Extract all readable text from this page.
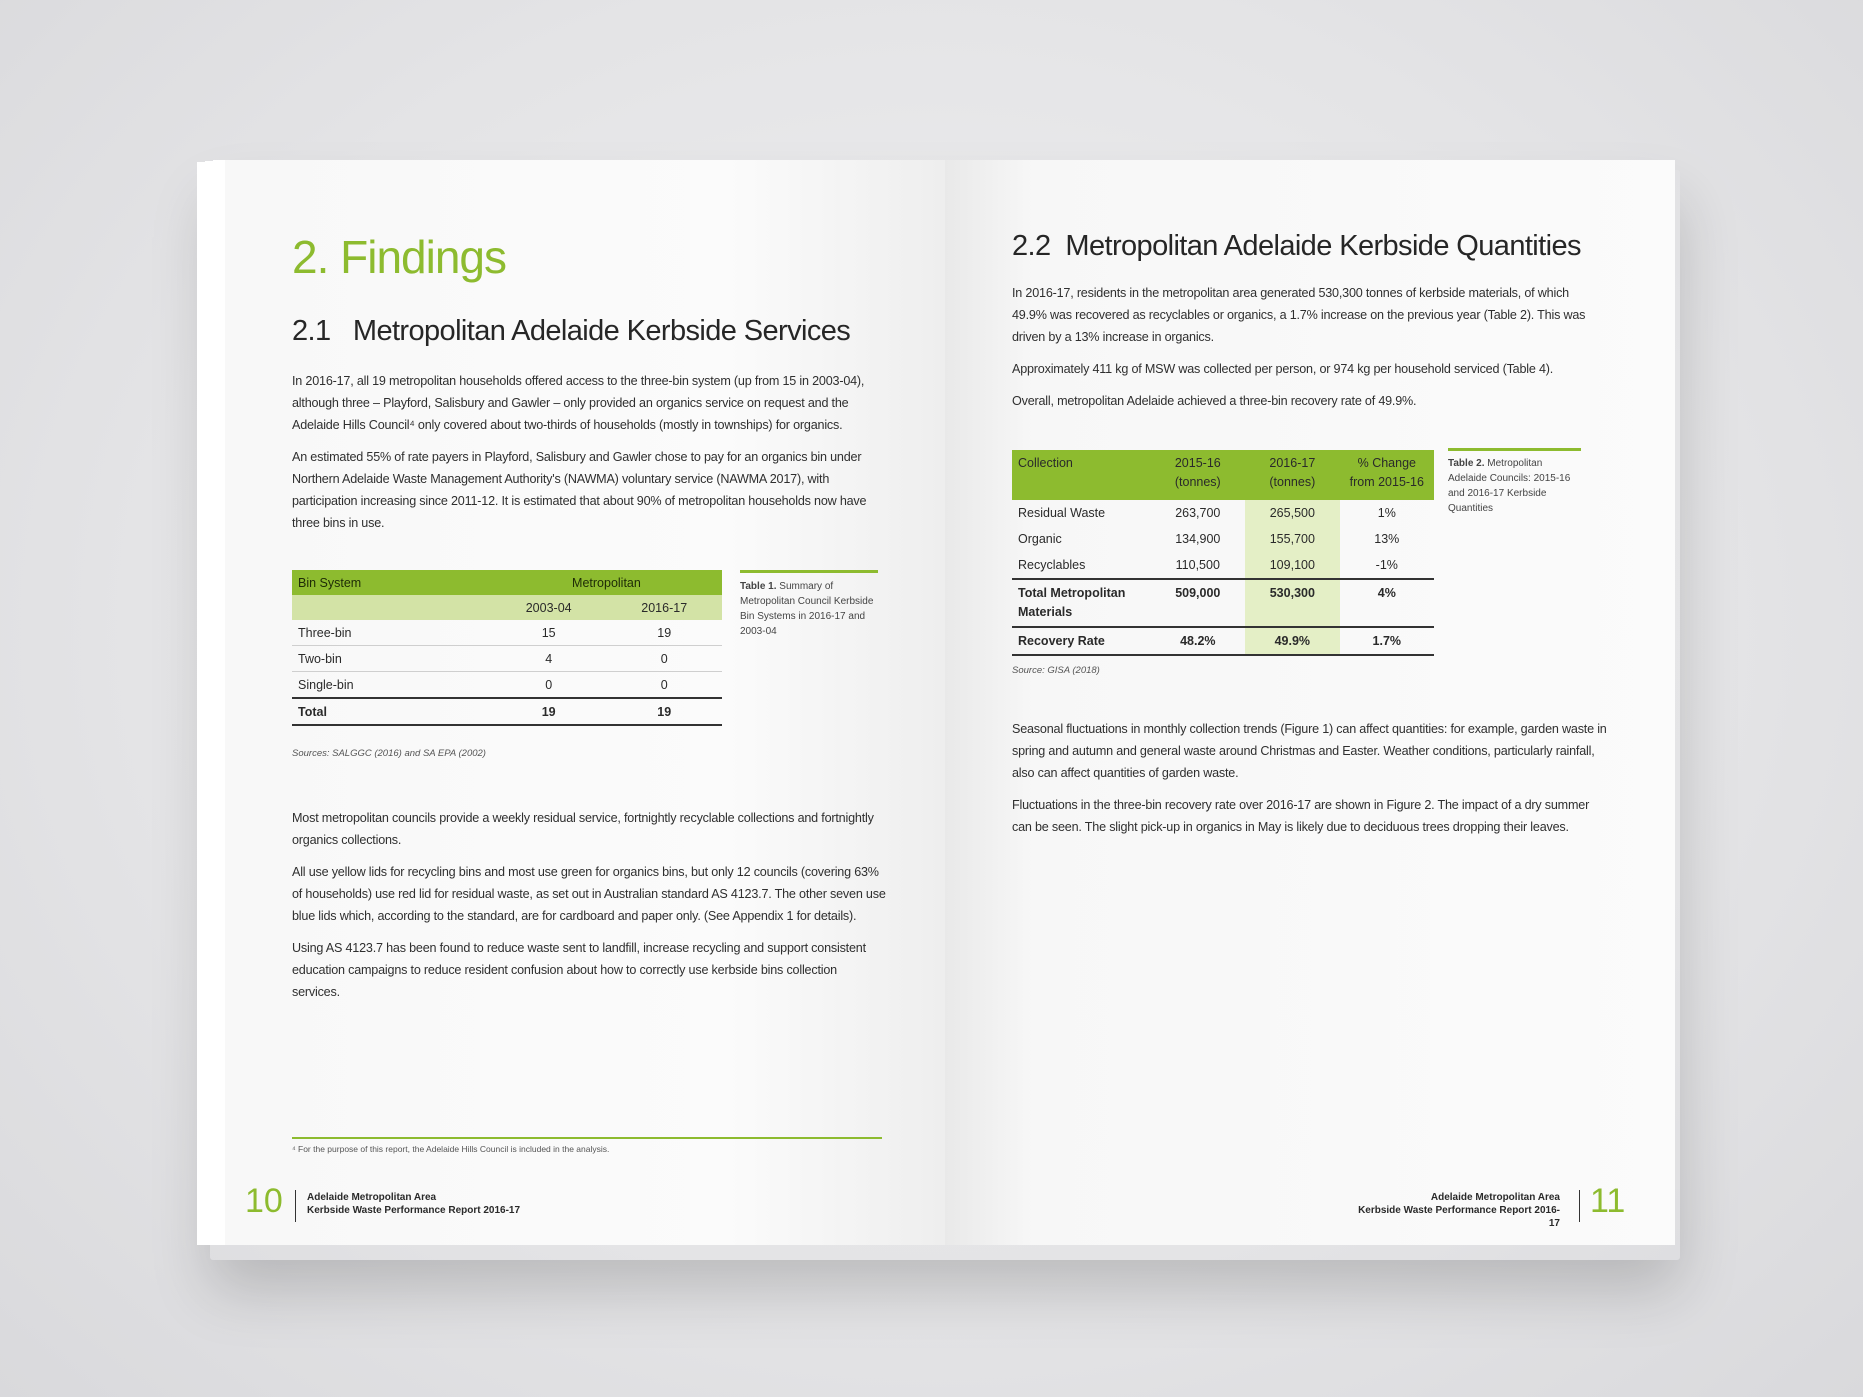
2. Findings
2.1   Metropolitan Adelaide Kerbside Services

In 2016-17, all 19 metropolitan households offered access to the three-bin system (up from 15 in 2003-04), although three – Playford, Salisbury and Gawler – only provided an organics service on request and the Adelaide Hills Council⁴ only covered about two-thirds of households (mostly in townships) for organics.

An estimated 55% of rate payers in Playford, Salisbury and Gawler chose to pay for an organics bin under Northern Adelaide Waste Management Authority's (NAWMA) voluntary service (NAWMA 2017), with participation increasing since 2011-12. It is estimated that about 90% of metropolitan households now have three bins in use.

Bin System	Metropolitan	
	2003-04	2016-17
Three-bin	15	19
Two-bin	4	0
Single-bin	0	0
Total	19	19
Table 1. Summary of Metropolitan Council Kerbside Bin Systems in 2016-17 and 2003-04
Sources: SALGGC (2016) and SA EPA (2002)

Most metropolitan councils provide a weekly residual service, fortnightly recyclable collections and fortnightly organics collections.

All use yellow lids for recycling bins and most use green for organics bins, but only 12 councils (covering 63% of households) use red lid for residual waste, as set out in Australian standard AS 4123.7. The other seven use blue lids which, according to the standard, are for cardboard and paper only. (See Appendix 1 for details).

Using AS 4123.7 has been found to reduce waste sent to landfill, increase recycling and support consistent education campaigns to reduce resident confusion about how to correctly use kerbside bins collection services.

⁴ For the purpose of this report, the Adelaide Hills Council is included in the analysis.
10 Adelaide Metropolitan Area
Kerbside Waste Performance Report 2016-17
2.2  Metropolitan Adelaide Kerbside Quantities

In 2016-17, residents in the metropolitan area generated 530,300 tonnes of kerbside materials, of which 49.9% was recovered as recyclables or organics, a 1.7% increase on the previous year (Table 2). This was driven by a 13% increase in organics.

Approximately 411 kg of MSW was collected per person, or 974 kg per household serviced (Table 4).

Overall, metropolitan Adelaide achieved a three-bin recovery rate of 49.9%.

Collection	2015-16 (tonnes)	2016-17 (tonnes)	% Change from 2015-16
Residual Waste	263,700	265,500	1%
Organic	134,900	155,700	13%
Recyclables	110,500	109,100	-1%
Total Metropolitan Materials	509,000	530,300	4%
Recovery Rate	48.2%	49.9%	1.7%
Table 2. Metropolitan Adelaide Councils: 2015-16 and 2016-17 Kerbside Quantities
Source: GISA (2018)

Seasonal fluctuations in monthly collection trends (Figure 1) can affect quantities: for example, garden waste in spring and autumn and general waste around Christmas and Easter. Weather conditions, particularly rainfall, also can affect quantities of garden waste.

Fluctuations in the three-bin recovery rate over 2016-17 are shown in Figure 2. The impact of a dry summer can be seen. The slight pick-up in organics in May is likely due to deciduous trees dropping their leaves.

Adelaide Metropolitan Area
Kerbside Waste Performance Report 2016-17
11
